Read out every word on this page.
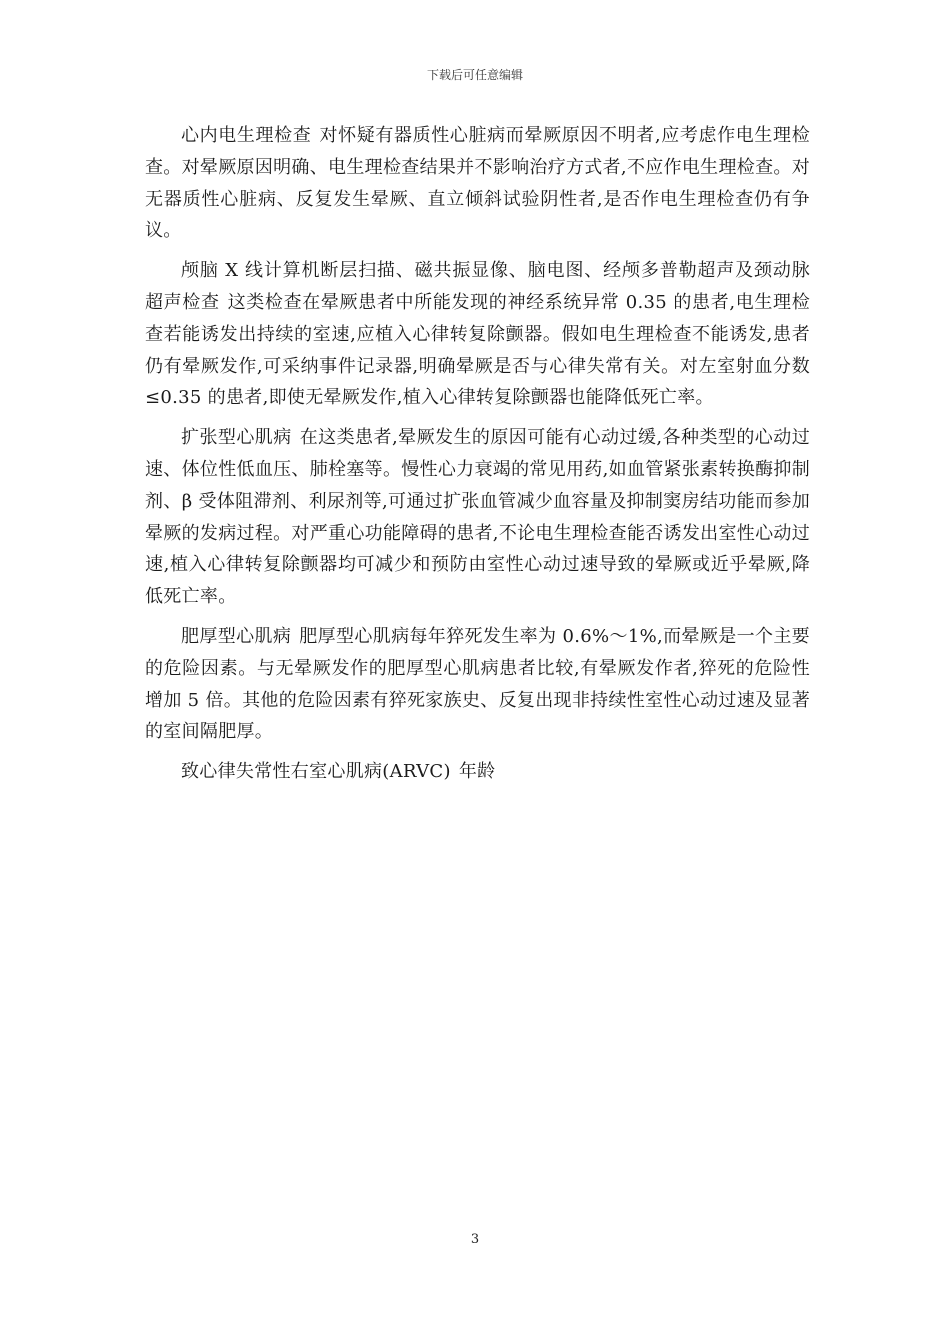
下载后可任意编辑

心内电生理检查 对怀疑有器质性心脏病而晕厥原因不明者,应考虑作电生理检查。对晕厥原因明确、电生理检查结果并不影响治疗方式者,不应作电生理检查。对无器质性心脏病、反复发生晕厥、直立倾斜试验阴性者,是否作电生理检查仍有争议。

颅脑 X 线计算机断层扫描、磁共振显像、脑电图、经颅多普勒超声及颈动脉超声检查 这类检查在晕厥患者中所能发现的神经系统异常 0.35 的患者,电生理检查若能诱发出持续的室速,应植入心律转复除颤器。假如电生理检查不能诱发,患者仍有晕厥发作,可采纳事件记录器,明确晕厥是否与心律失常有关。对左室射血分数≤0.35 的患者,即使无晕厥发作,植入心律转复除颤器也能降低死亡率。

扩张型心肌病 在这类患者,晕厥发生的原因可能有心动过缓,各种类型的心动过速、体位性低血压、肺栓塞等。慢性心力衰竭的常见用药,如血管紧张素转换酶抑制剂、β 受体阻滞剂、利尿剂等,可通过扩张血管减少血容量及抑制窦房结功能而参加晕厥的发病过程。对严重心功能障碍的患者,不论电生理检查能否诱发出室性心动过速,植入心律转复除颤器均可减少和预防由室性心动过速导致的晕厥或近乎晕厥,降低死亡率。

肥厚型心肌病 肥厚型心肌病每年猝死发生率为 0.6%～1%,而晕厥是一个主要的危险因素。与无晕厥发作的肥厚型心肌病患者比较,有晕厥发作者,猝死的危险性增加 5 倍。其他的危险因素有猝死家族史、反复出现非持续性室性心动过速及显著的室间隔肥厚。

致心律失常性右室心肌病(ARVC) 年龄

3
